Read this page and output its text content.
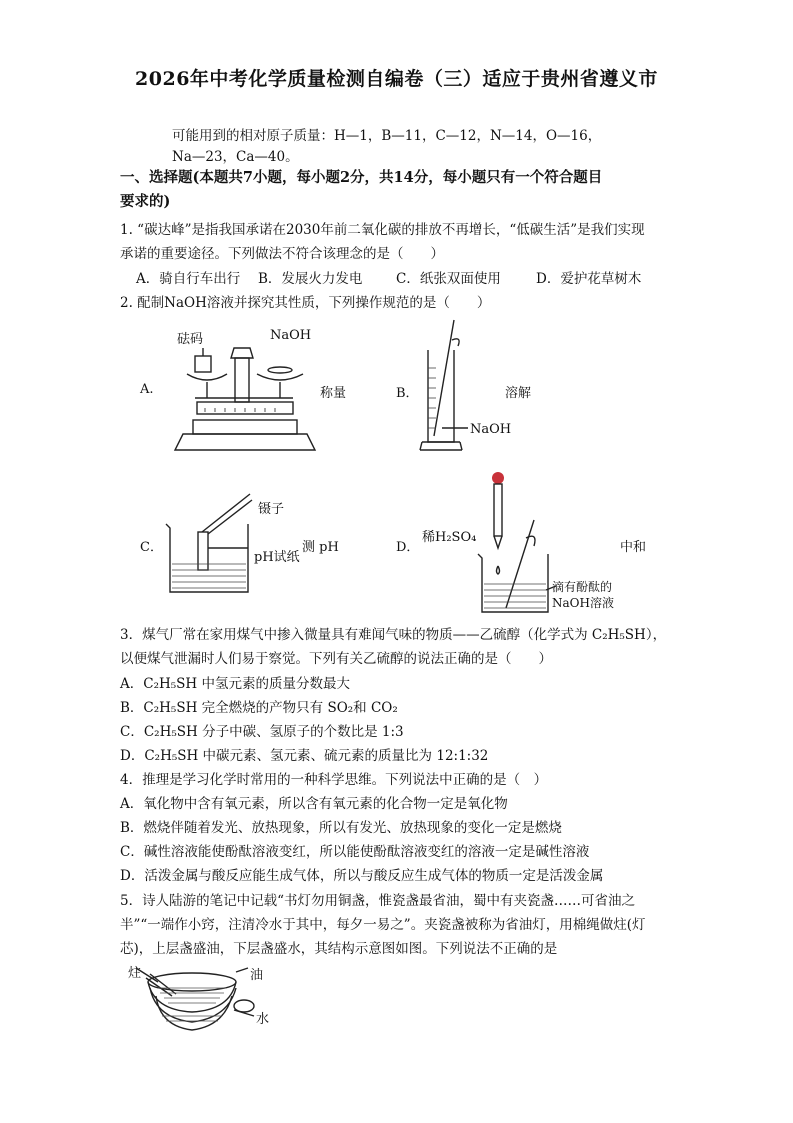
2026年中考化学质量检测自编卷（三）适应于贵州省遵义市
可能用到的相对原子质量：H—1，B—11，C—12，N—14，O—16，
Na—23，Ca—40。
一、选择题(本题共7小题，每小题2分，共14分，每小题只有一个符合题目
要求的)
1. “碳达峰”是指我国承诺在2030年前二氧化碳的排放不再增长，“低碳生活”是我们实现
承诺的重要途径。下列做法不符合该理念的是（　　）
A．骑自行车出行 B．发展火力发电 C．纸张双面使用	D．爱护花草树木
2. 配制NaOH溶液并探究其性质，下列操作规范的是（　　）
A.
砝码	NaOH
称量	B．	溶解
NaOH
C．
镊子
pH试纸
测 pH	D．
稀H₂SO₄
中和
滴有酚酞的
NaOH溶液
3．煤气厂常在家用煤气中掺入微量具有难闻气味的物质——乙硫醇（化学式为 C₂H₅SH），
以便煤气泄漏时人们易于察觉。下列有关乙硫醇的说法正确的是（　　）
A．C₂H₅SH 中氢元素的质量分数最大
B．C₂H₅SH 完全燃烧的产物只有 SO₂和 CO₂
C．C₂H₅SH 分子中碳、氢原子的个数比是 1:3
D．C₂H₅SH 中碳元素、氢元素、硫元素的质量比为 12:1:32
4．推理是学习化学时常用的一种科学思维。下列说法中正确的是（　）
A．氧化物中含有氧元素，所以含有氧元素的化合物一定是氧化物
B．燃烧伴随着发光、放热现象，所以有发光、放热现象的变化一定是燃烧
C．碱性溶液能使酚酞溶液变红，所以能使酚酞溶液变红的溶液一定是碱性溶液
D．活泼金属与酸反应能生成气体，所以与酸反应生成气体的物质一定是活泼金属
5．诗人陆游的笔记中记载“书灯勿用铜盏，惟瓷盏最省油，蜀中有夹瓷盏……可省油之
半”“一端作小窍，注清冷水于其中，每夕一易之”。夹瓷盏被称为省油灯，用棉绳做炷(灯
芯)，上层盏盛油，下层盏盛水，其结构示意图如图。下列说法不正确的是
炷	油
水
